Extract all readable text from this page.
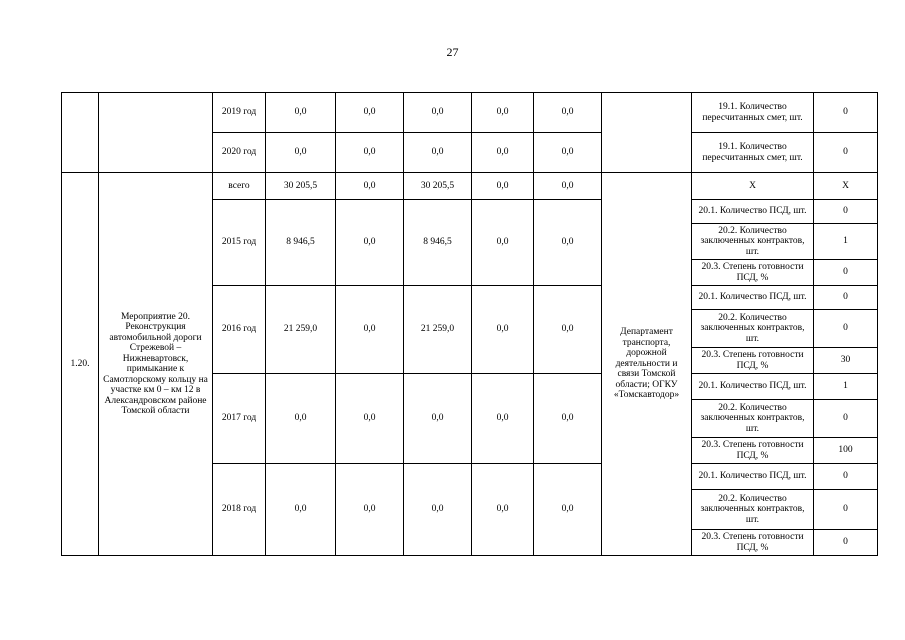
27
		2019 год	0,0	0,0	0,0	0,0	0,0		19.1. Количество пересчитанных смет, шт.	0
		2020 год	0,0	0,0	0,0	0,0	0,0		19.1. Количество пересчитанных смет, шт.	0
1.20.	Мероприятие 20. Реконструкция автомобильной дороги Стрежевой – Нижневартовск, примыкание к Самотлорскому кольцу на участке км 0 – км 12 в Александровском районе Томской области	всего	30 205,5	0,0	30 205,5	0,0	0,0	Департамент транспорта, дорожной деятельности и связи Томской области; ОГКУ «Томскавтодор»	Х	Х
		2015 год	8 946,5	0,0	8 946,5	0,0	0,0		20.1. Количество ПСД, шт.	0
									20.2. Количество заключенных контрактов, шт.	1
									20.3. Степень готовности ПСД, %	0
		2016 год	21 259,0	0,0	21 259,0	0,0	0,0		20.1. Количество ПСД, шт.	0
									20.2. Количество заключенных контрактов, шт.	0
									20.3. Степень готовности ПСД, %	30
		2017 год	0,0	0,0	0,0	0,0	0,0		20.1. Количество ПСД, шт.	1
									20.2. Количество заключенных контрактов, шт.	0
									20.3. Степень готовности ПСД, %	100
		2018 год	0,0	0,0	0,0	0,0	0,0		20.1. Количество ПСД, шт.	0
									20.2. Количество заключенных контрактов, шт.	0
									20.3. Степень готовности ПСД, %	0
